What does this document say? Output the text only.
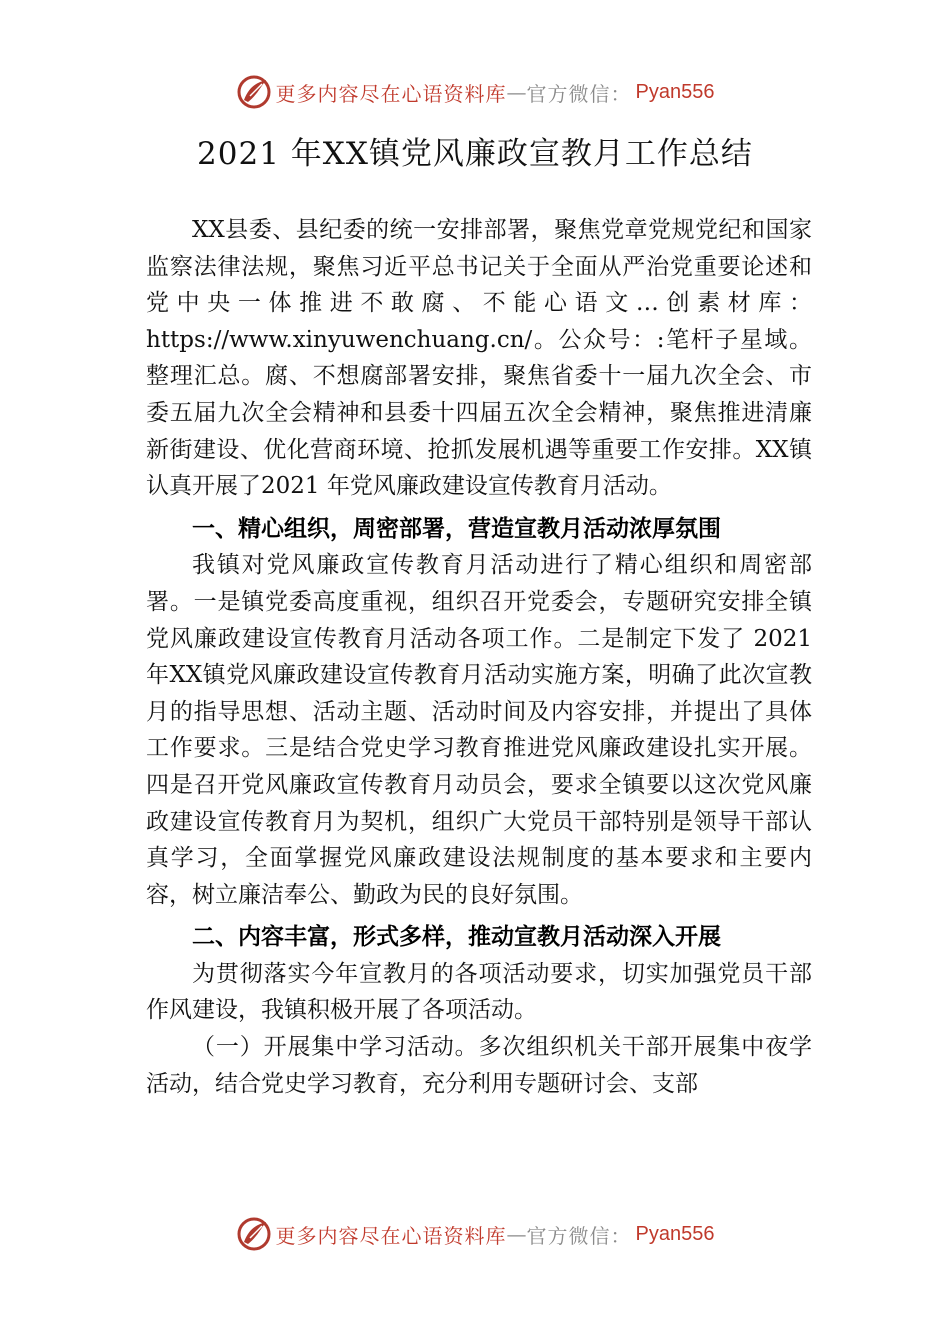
更多内容尽在心语资料库 — 官方微信： Pyan556
2021 年XX镇党风廉政宣教月工作总结

XX县委、县纪委的统一安排部署，聚焦党章党规党纪和国家监察法律法规，聚焦习近平总书记关于全面从严治党重要论述和党中央一体推进不敢腐、不能心语文…创素材库：https://www.xinyuwenchuang.cn/。公众号：:笔杆子星域。整理汇总。腐、不想腐部署安排，聚焦省委十一届九次全会、市委五届九次全会精神和县委十四届五次全会精神，聚焦推进清廉新街建设、优化营商环境、抢抓发展机遇等重要工作安排。XX镇认真开展了2021 年党风廉政建设宣传教育月活动。

一、精心组织，周密部署，营造宣教月活动浓厚氛围

我镇对党风廉政宣传教育月活动进行了精心组织和周密部署。一是镇党委高度重视，组织召开党委会，专题研究安排全镇党风廉政建设宣传教育月活动各项工作。二是制定下发了 2021 年XX镇党风廉政建设宣传教育月活动实施方案，明确了此次宣教月的指导思想、活动主题、活动时间及内容安排，并提出了具体工作要求。三是结合党史学习教育推进党风廉政建设扎实开展。四是召开党风廉政宣传教育月动员会，要求全镇要以这次党风廉政建设宣传教育月为契机，组织广大党员干部特别是领导干部认真学习，全面掌握党风廉政建设法规制度的基本要求和主要内容，树立廉洁奉公、勤政为民的良好氛围。

二、内容丰富，形式多样，推动宣教月活动深入开展

为贯彻落实今年宣教月的各项活动要求，切实加强党员干部作风建设，我镇积极开展了各项活动。

（一）开展集中学习活动。多次组织机关干部开展集中夜学活动，结合党史学习教育，充分利用专题研讨会、支部

更多内容尽在心语资料库 — 官方微信： Pyan556
